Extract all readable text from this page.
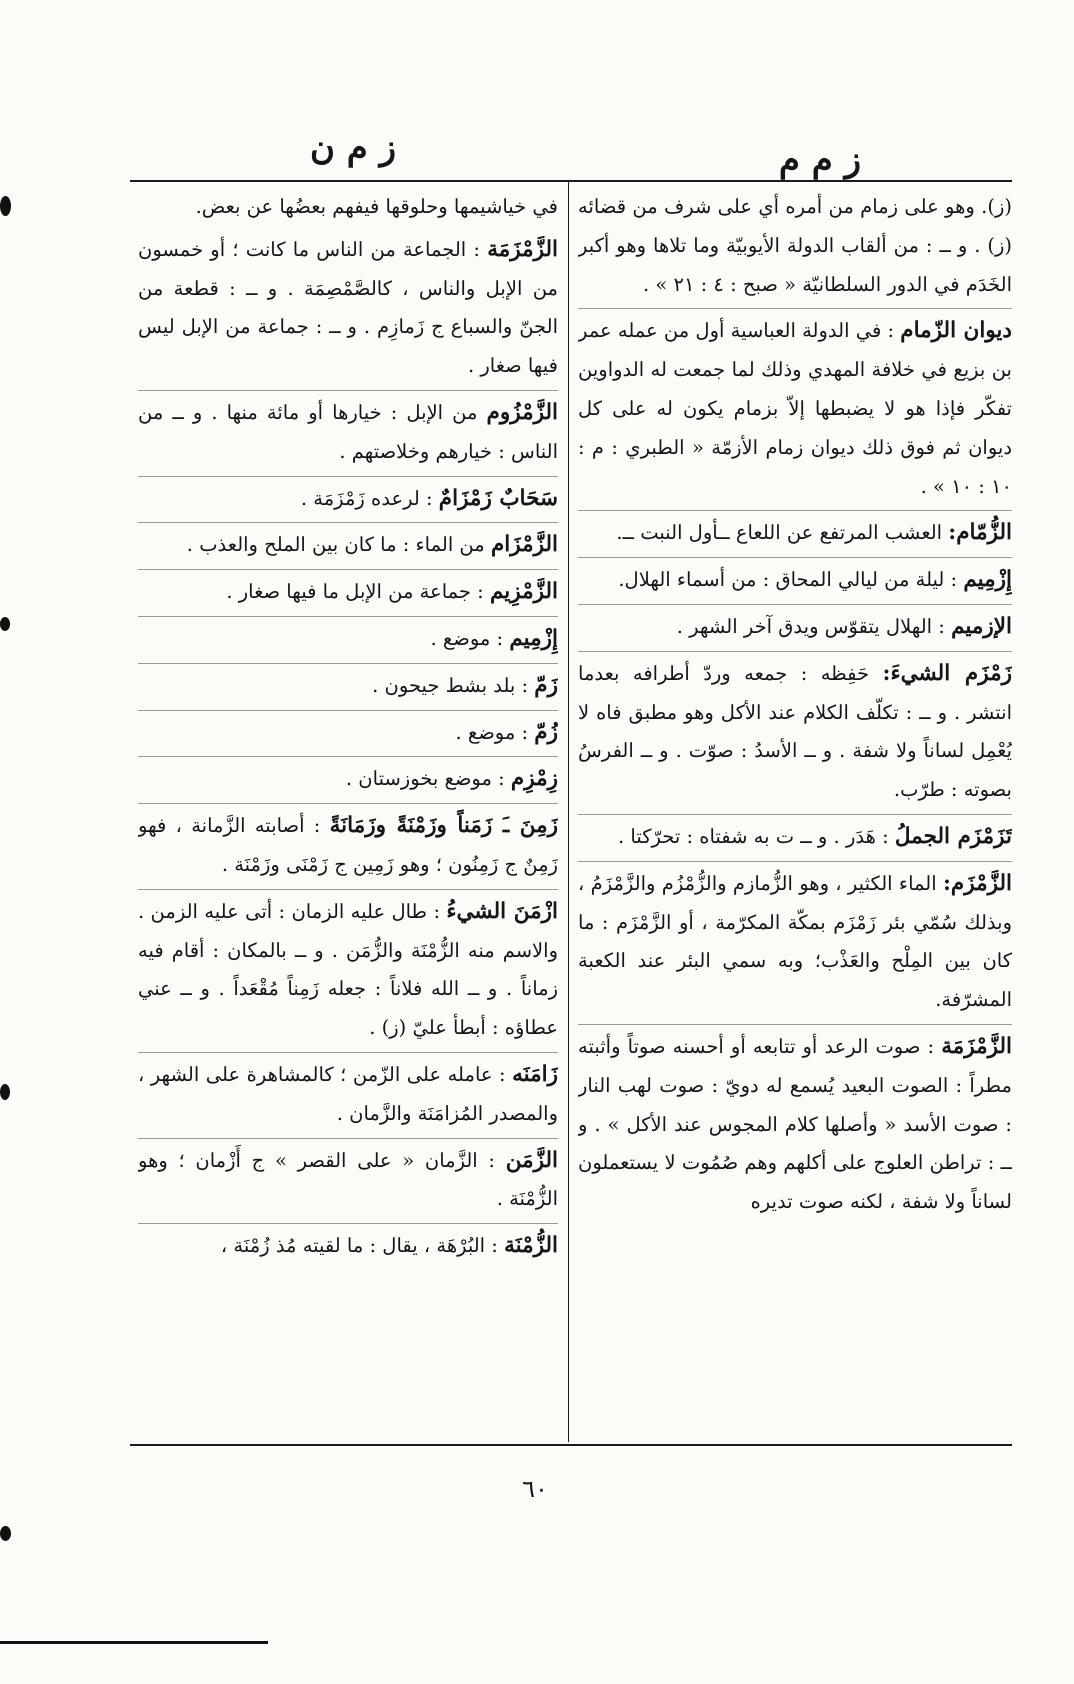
ز م م
ز م ن

(ز). وهو على زمام من أمره أي على شرف من قضائه (ز) . و ــ : من ألقاب الدولة الأيوبيّة وما تلاها وهو أكبر الخَدَم في الدور السلطانيّة « صبح : ٤ : ٢١ » .

ديوان الزّمام : في الدولة العباسية أول من عمله عمر بن بزيع في خلافة المهدي وذلك لما جمعت له الدواوين تفكّر فإذا هو لا يضبطها إلاّ بزمام يكون له على كل ديوان ثم فوق ذلك ديوان زمام الأزمّة « الطبري : م : ١٠ : ١٠ » .

الزُّمّام: العشب المرتفع عن اللعاع ــأول النبت ــ.

إِزْمِيم : ليلة من ليالي المحاق : من أسماء الهلال.

الإزميم : الهلال يتقوّس ويدق آخر الشهر .

زَمْزَم الشيءَ: حَفِظه : جمعه وردّ أطرافه بعدما انتشر . و ــ : تكلّف الكلام عند الأكل وهو مطبق فاه لا يُعْمِل لساناً ولا شفة . و ــ الأسدُ : صوّت . و ــ الفرسُ بصوته : طرّب.

تَزَمْزَم الجملُ : هَدَر . و ــ ت به شفتاه : تحرّكتا .

الزَّمْزَم: الماء الكثير ، وهو الزُّمازم والزُّمْزُم والزَّمْزَمُ ، وبذلك سُمّي بئر زَمْزَم بمكّة المكرّمة ، أو الزَّمْزَم : ما كان بين المِلْح والعَذْب؛ وبه سمي البئر عند الكعبة المشرّفة.

الزَّمْزَمَة : صوت الرعد أو تتابعه أو أحسنه صوتاً وأثبته مطراً : الصوت البعيد يُسمع له دويّ : صوت لهب النار : صوت الأسد « وأصلها كلام المجوس عند الأكل » . و ــ : تراطن العلوج على أكلهم وهم صُمُوت لا يستعملون لساناً ولا شفة ، لكنه صوت تديره

في خياشيمها وحلوقها فيفهم بعضُها عن بعض.

الزَّمْزَمَة : الجماعة من الناس ما كانت ؛ أو خمسون من الإبل والناس ، كالصَّمْصِمَة . و ــ : قطعة من الجنّ والسباع ج زَمازِم . و ــ : جماعة من الإبل ليس فيها صغار .

الزَّمْزُوم من الإبل : خيارها أو مائة منها . و ــ من الناس : خيارهم وخلاصتهم .

سَحَابٌ زَمْزَامٌ : لرعده زَمْزَمَة .

الزَّمْزَام من الماء : ما كان بين الملح والعذب .

الزَّمْزِيم : جماعة من الإبل ما فيها صغار .

إِزْمِيم : موضع .

زَمّ : بلد بشط جيحون .

زُمّ : موضع .

زِمْزِم : موضع بخوزستان .

زَمِنَ ـَ زَمَناً وزَمْنَةً وزَمَانَةً : أصابته الزَّمانة ، فهو زَمِنٌ ج زَمِنُون ؛ وهو زَمِين ج زَمْنَى وزَمْنَة .

ازْمَنَ الشيءُ : طال عليه الزمان : أتى عليه الزمن . والاسم منه الزُّمْنَة والزُّمَن . و ــ بالمكان : أقام فيه زماناً . و ــ الله فلاناً : جعله زَمِناً مُقْعَداً . و ــ عني عطاؤه : أبطأ عليّ (ز) .

زَامَنَه : عامله على الزّمن ؛ كالمشاهرة على الشهر ، والمصدر المُزامَنَة والزَّمان .

الزَّمَن : الزَّمان « على القصر » ج أَزْمان ؛ وهو الزُّمْنَة .

الزُّمْنَة : البُرْهَة ، يقال : ما لقيته مُذ زُمْنَة ،

٦٠
